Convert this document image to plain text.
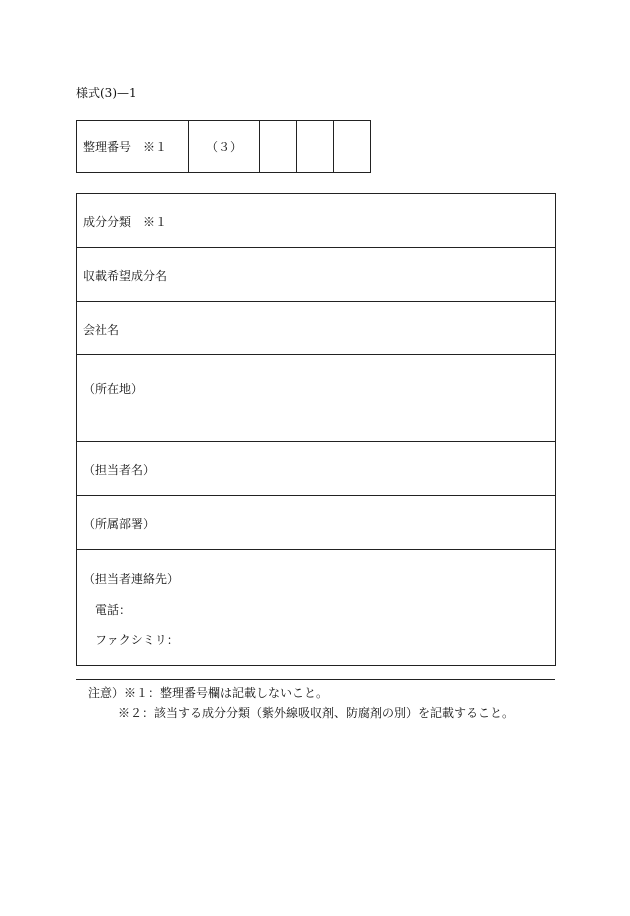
様式(3)—1
整理番号　※１	（３）			
成分分類　※１
収載希望成分名
会社名
（所在地）
（担当者名）
（所属部署）
（担当者連絡先）
電話：
ファクシミリ：
注意）※１：整理番号欄は記載しないこと。
※２：該当する成分分類（紫外線吸収剤、防腐剤の別）を記載すること。
